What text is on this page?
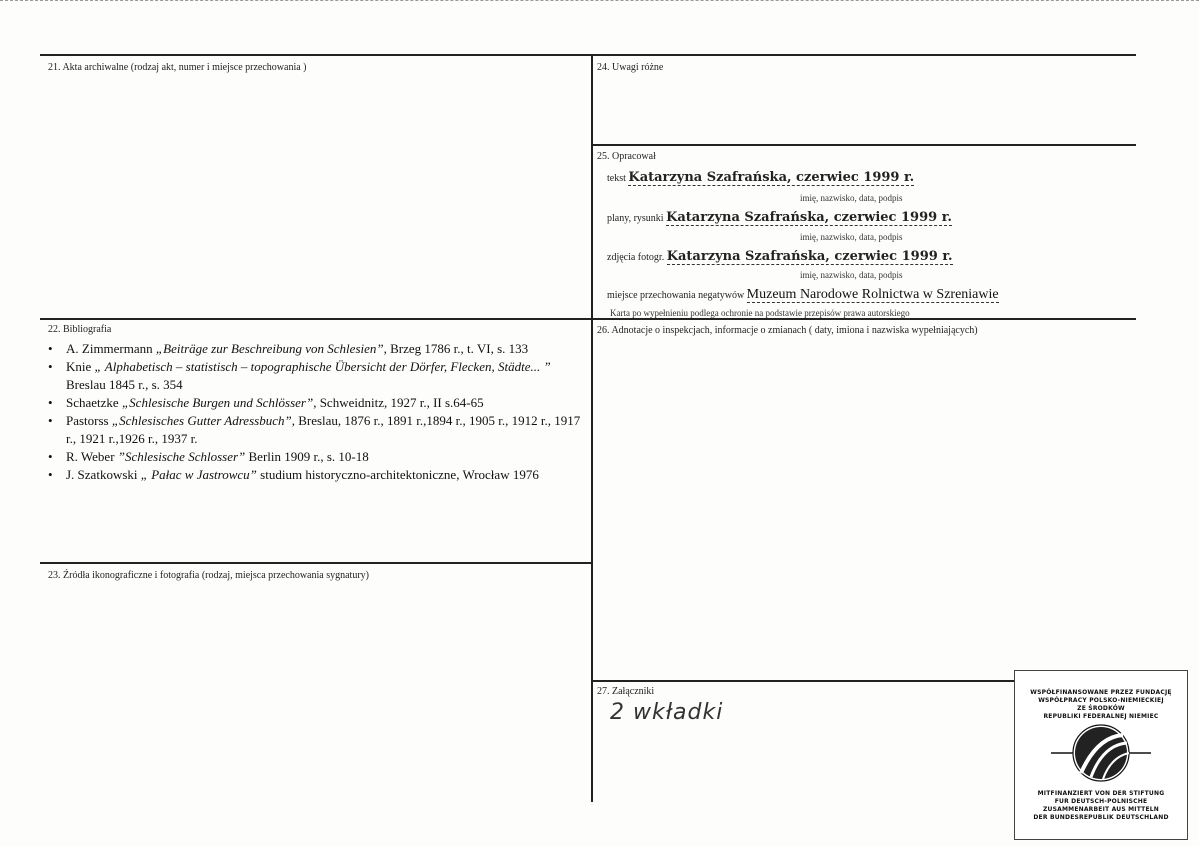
21. Akta archiwalne (rodzaj akt, numer i miejsce przechowania )	24. Uwagi różne
25. Opracował
22. Bibliografia	26. Adnotacje o inspekcjach, informacje o zmianach ( daty, imiona i nazwiska wypełniających)
23. Źródła ikonograficzne i fotografia (rodzaj, miejsca przechowania sygnatury)
27. Załączniki
• A. Zimmermann „Beiträge zur Beschreibung von Schlesien”, Brzeg 1786 r., t. VI, s. 133
• Knie „ Alphabetisch – statistisch – topographische Übersicht der Dörfer, Flecken, Städte... ” Breslau 1845 r., s. 354
• Schaetzke „Schlesische Burgen und Schlösser”, Schweidnitz, 1927 r., II s.64-65
• Pastorss „Schlesisches Gutter Adressbuch”, Breslau, 1876 r., 1891 r.,1894 r., 1905 r., 1912 r., 1917 r., 1921 r.,1926 r., 1937 r.
• R. Weber ”Schlesische Schlosser” Berlin 1909 r., s. 10-18
• J. Szatkowski „ Pałac w Jastrowcu” studium historyczno-architektoniczne, Wrocław 1976
tekst Katarzyna Szafrańska, czerwiec 1999 r.
imię, nazwisko, data, podpis
plany, rysunki Katarzyna Szafrańska, czerwiec 1999 r.
imię, nazwisko, data, podpis
zdjęcia fotogr. Katarzyna Szafrańska, czerwiec 1999 r.
imię, nazwisko, data, podpis
miejsce przechowania negatywów Muzeum Narodowe Rolnictwa w Szreniawie
Karta po wypełnieniu podlega ochronie na podstawie przepisów prawa autorskiego
2 wkładki
WSPÓŁFINANSOWANE PRZEZ FUNDACJĘ
WSPÓŁPRACY POLSKO-NIEMIECKIEJ
ZE ŚRODKÓW
REPUBLIKI FEDERALNEJ NIEMIEC
MITFINANZIERT VON DER STIFTUNG
FUR DEUTSCH-POLNISCHE
ZUSAMMENARBEIT AUS MITTELN
DER BUNDESREPUBLIK DEUTSCHLAND
